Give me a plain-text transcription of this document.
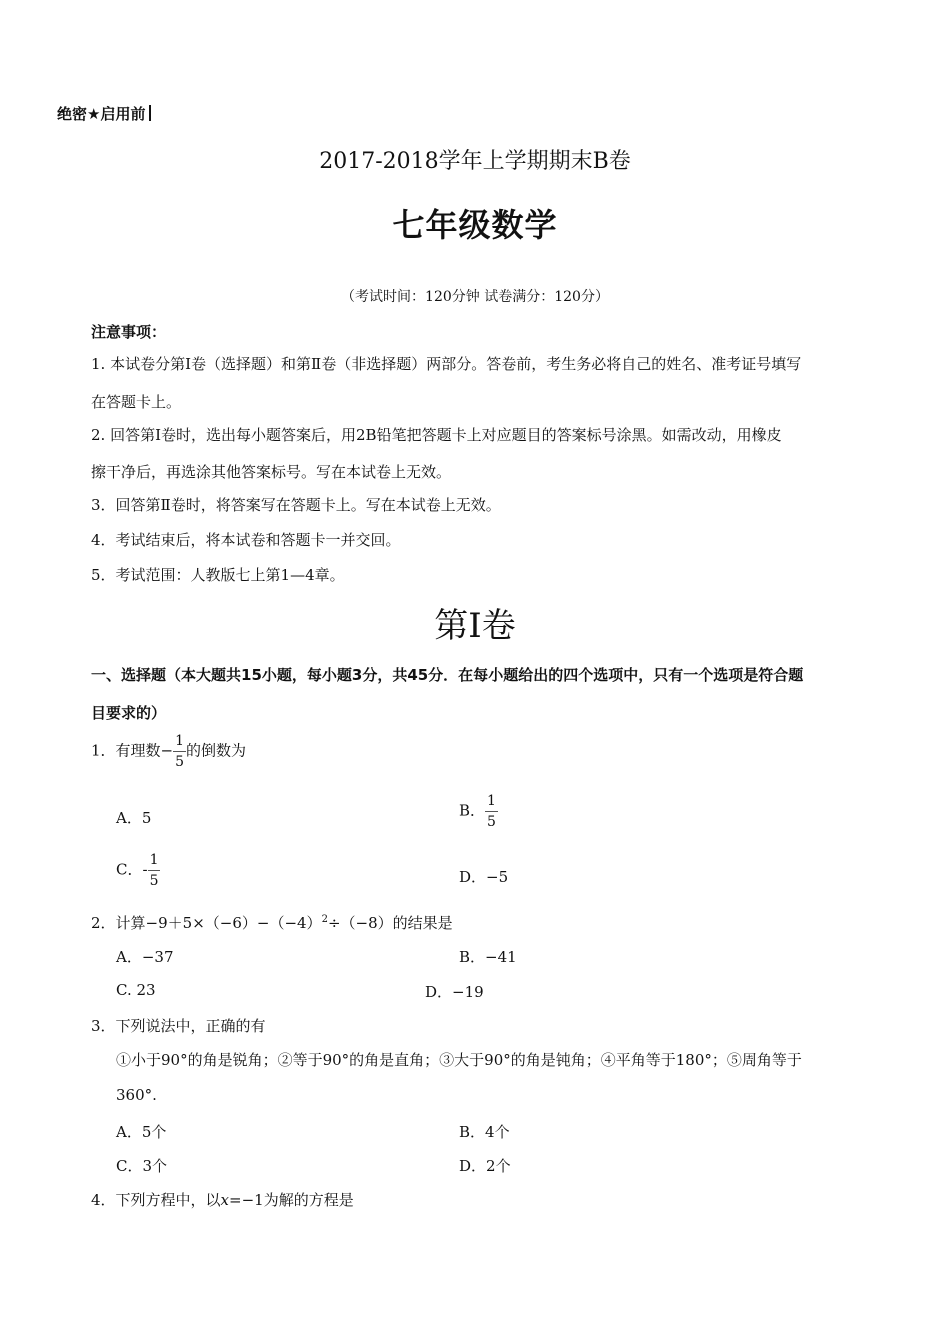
绝密★启用前
2017-2018学年上学期期末B卷
七年级数学
（考试时间：120分钟 试卷满分：120分）
注意事项：
1. 本试卷分第Ⅰ卷（选择题）和第Ⅱ卷（非选择题）两部分。答卷前，考生务必将自己的姓名、准考证号填写
在答题卡上。
2. 回答第Ⅰ卷时，选出每小题答案后，用2B铅笔把答题卡上对应题目的答案标号涂黑。如需改动，用橡皮
擦干净后，再选涂其他答案标号。写在本试卷上无效。
3．回答第Ⅱ卷时，将答案写在答题卡上。写在本试卷上无效。
4．考试结束后，将本试卷和答题卡一并交回。
5．考试范围：人教版七上第1—4章。
第Ⅰ卷
一、选择题（本大题共15小题，每小题3分，共45分．在每小题给出的四个选项中，只有一个选项是符合题
目要求的）
1．有理数− $\frac{1}{5}$ 的倒数为
A．5	B． $\frac{1}{5}$
C．- $\frac{1}{5}$	D．−5
2．计算$-9+5\times(-6)-(-4)^2\div(-8)$的结果是
A．−37	B．−41
C. 23	D．−19
3．下列说法中，正确的有
①小于90°的角是锐角；②等于90°的角是直角；③大于90°的角是钝角；④平角等于180°；⑤周角等于
360°.
A．5个	B．4个
C．3个	D．2个
4．下列方程中，以x=−1为解的方程是
